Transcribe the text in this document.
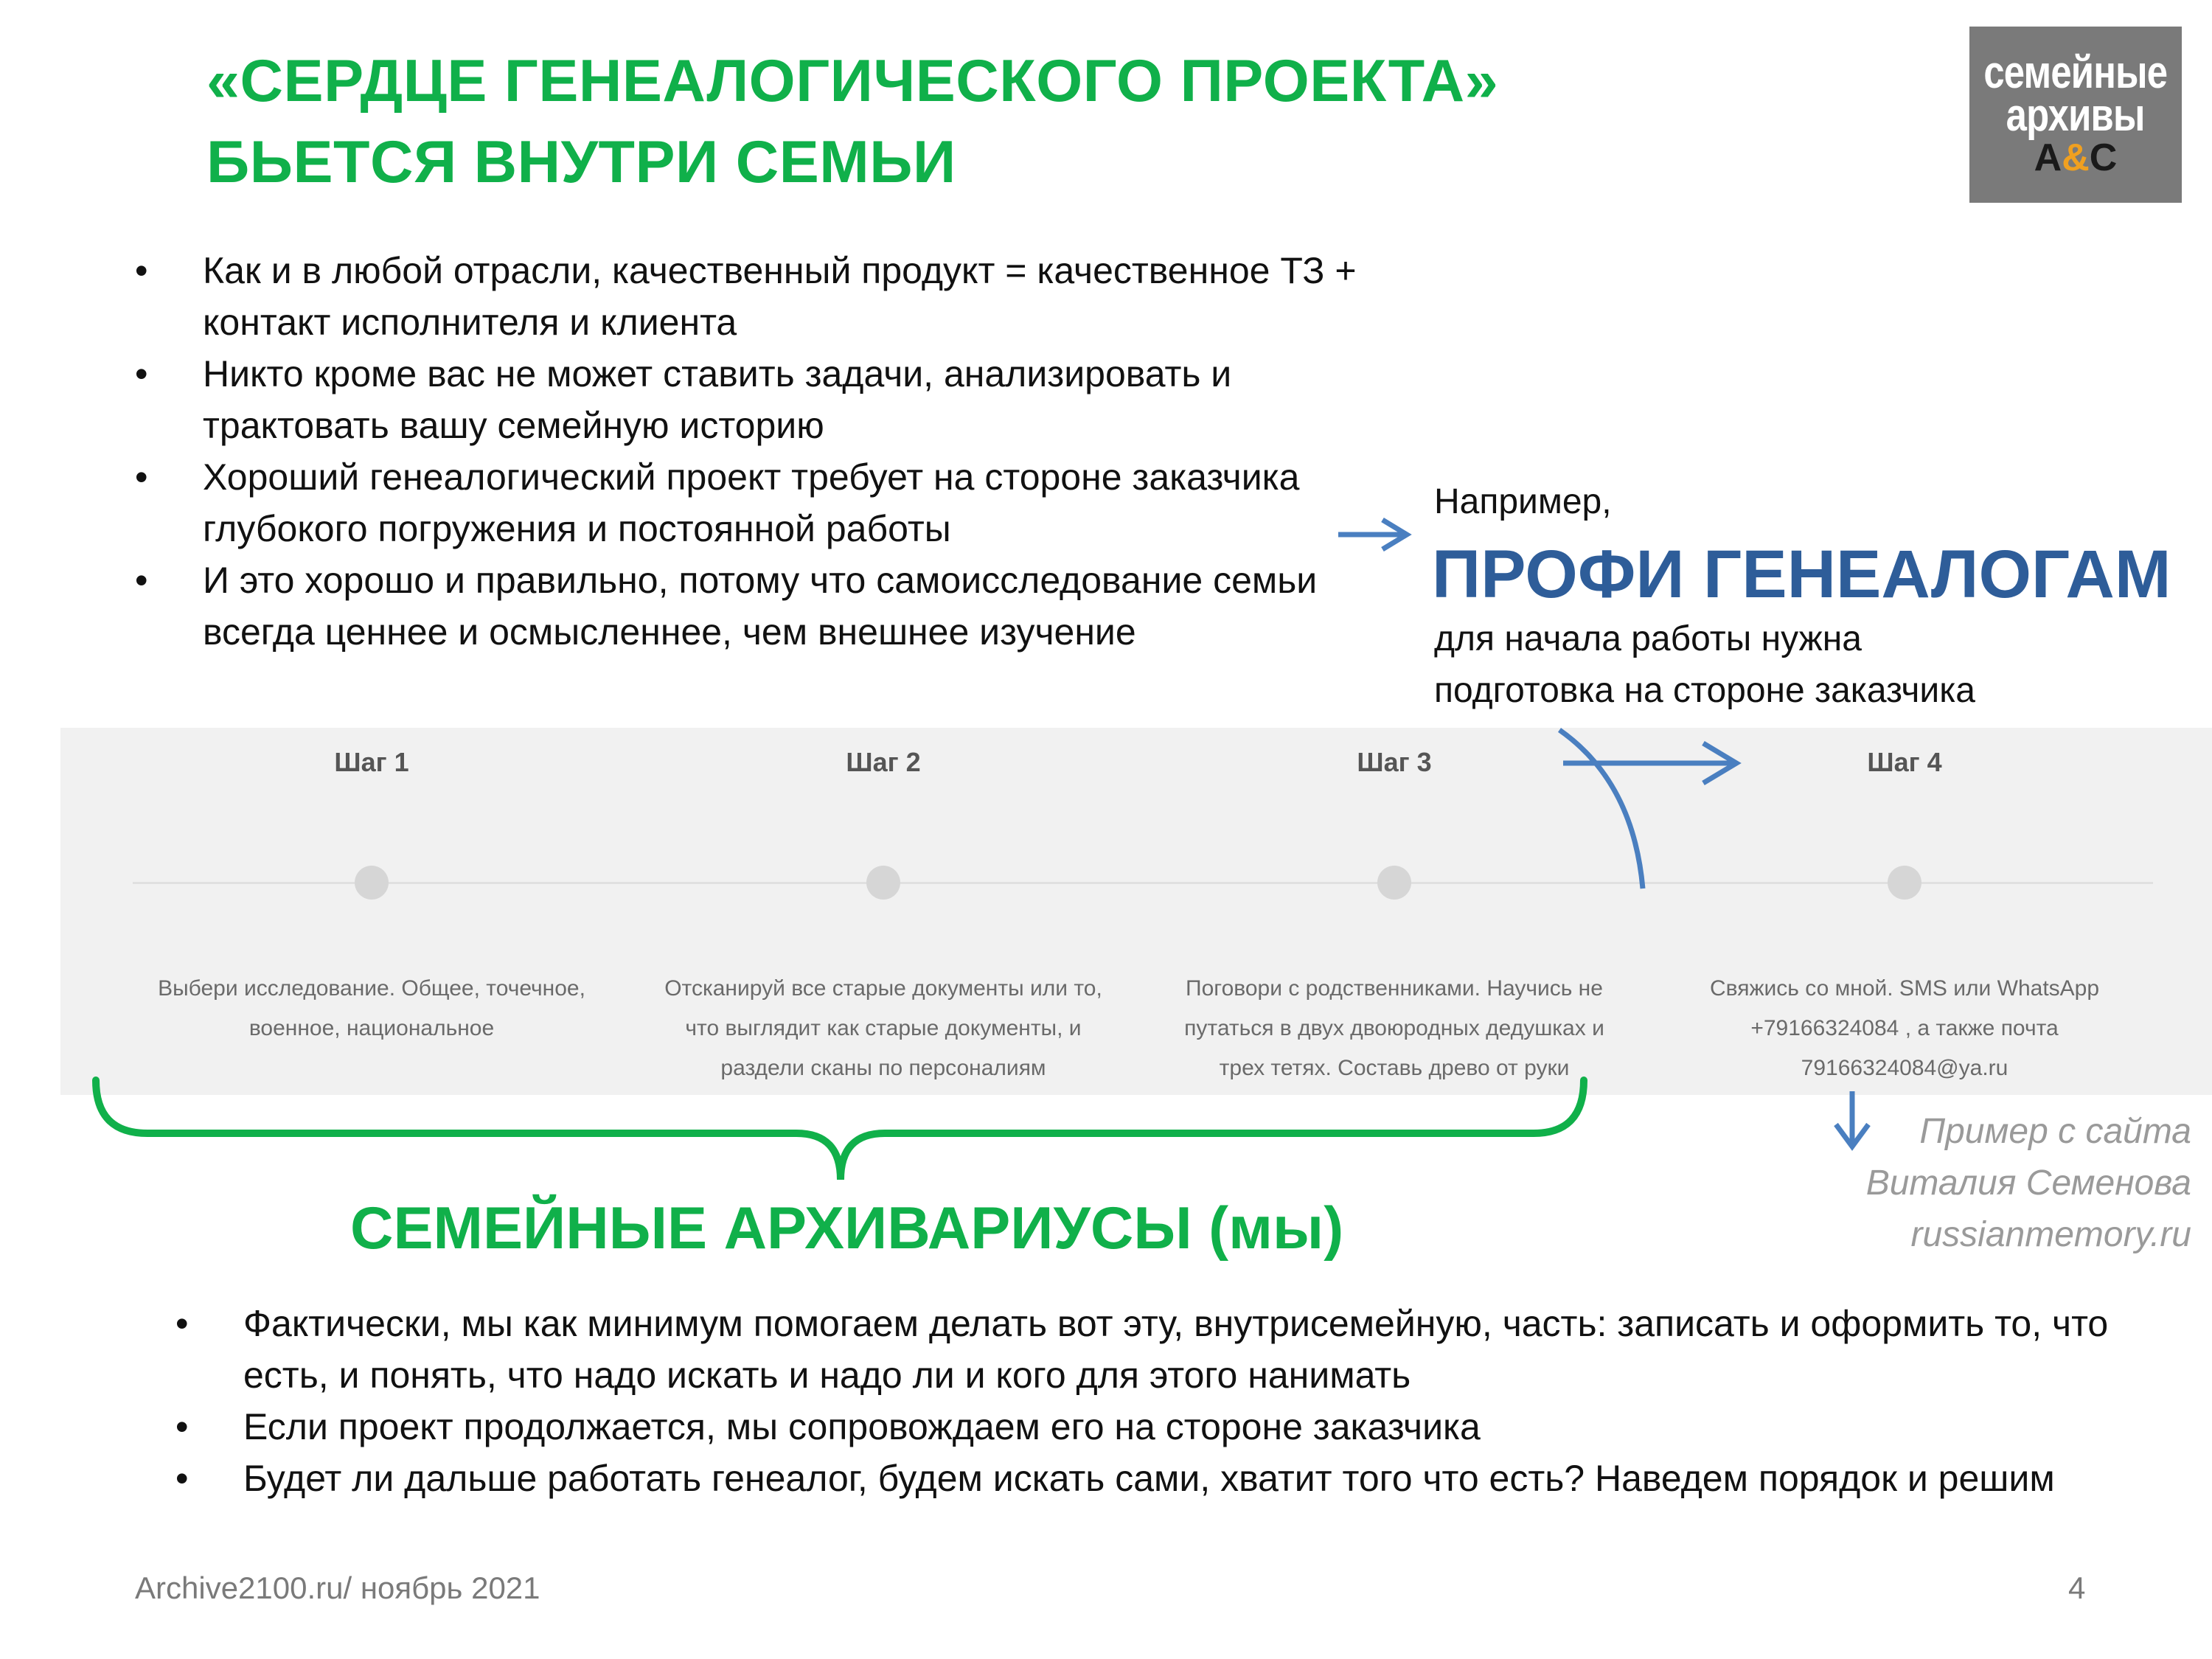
«СЕРДЦЕ ГЕНЕАЛОГИЧЕСКОГО ПРОЕКТА»
БЬЕТСЯ ВНУТРИ СЕМЬИ
семейные
архивы
A&C
• Как и в любой отрасли, качественный продукт = качественное ТЗ + контакт исполнителя и клиента
• Никто кроме вас не может ставить задачи, анализировать и трактовать вашу семейную историю
• Хороший генеалогический проект требует на стороне заказчика глубокого погружения и постоянной работы
• И это хорошо и правильно, потому что самоисследование семьи всегда ценнее и осмысленнее, чем внешнее изучение
Например,
ПРОФИ ГЕНЕАЛОГАМ
для начала работы нужна
подготовка на стороне заказчика
Шаг 1
Выбери исследование. Общее, точечное,
военное, национальное
Шаг 2
Отсканируй все старые документы или то,
что выглядит как старые документы, и
раздели сканы по персоналиям
Шаг 3
Поговори с родственниками. Научись не
путаться в двух двоюродных дедушках и
трех тетях. Составь древо от руки
Шаг 4
Свяжись со мной. SMS или WhatsApp
+79166324084 , а также почта
79166324084@ya.ru
Пример с сайта
Виталия Семенова
russianmemory.ru
СЕМЕЙНЫЕ АРХИВАРИУСЫ (мы)
• Фактически, мы как минимум помогаем делать вот эту, внутрисемейную, часть: записать и оформить то, что есть, и понять, что надо искать и надо ли и кого для этого нанимать
• Если проект продолжается, мы сопровождаем его на стороне заказчика
• Будет ли дальше работать генеалог, будем искать сами, хватит того что есть? Наведем порядок и решим
Archive2100.ru/ ноябрь 2021	4
